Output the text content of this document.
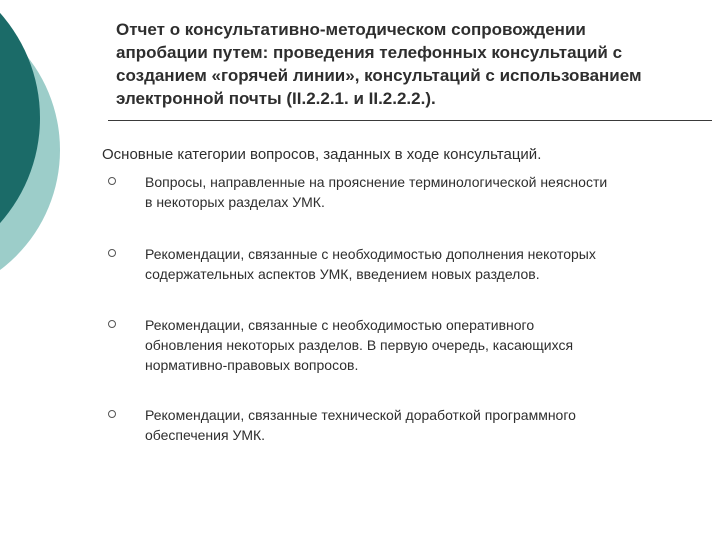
Отчет о консультативно-методическом сопровождении
апробации путем: проведения телефонных консультаций с
созданием «горячей линии», консультаций с использованием
электронной почты (II.2.2.1. и II.2.2.2.).
Основные категории вопросов, заданных в ходе консультаций.
Вопросы, направленные на прояснение терминологической неясности
в некоторых разделах УМК.
Рекомендации, связанные с необходимостью дополнения некоторых
содержательных аспектов УМК, введением новых разделов.
Рекомендации, связанные с необходимостью оперативного
обновления некоторых разделов. В первую очередь, касающихся
нормативно-правовых вопросов.
Рекомендации, связанные технической доработкой программного
обеспечения УМК.
